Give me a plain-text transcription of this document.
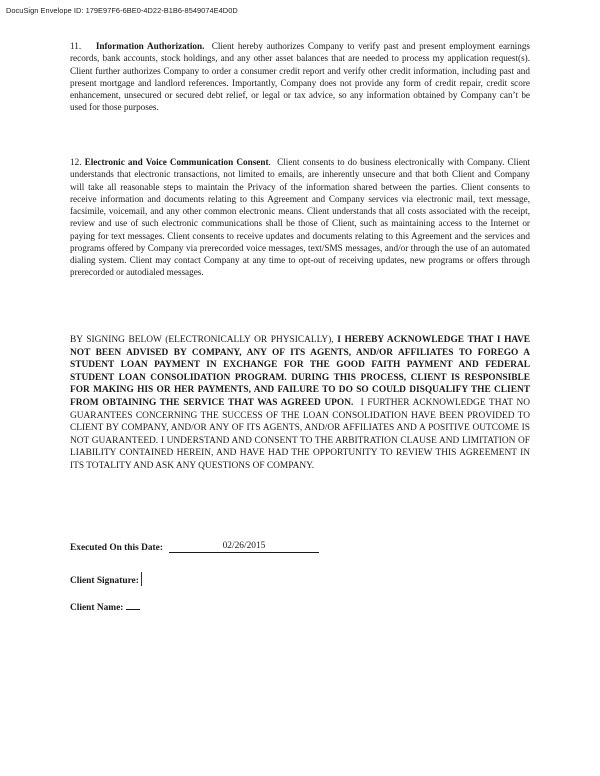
DocuSign Envelope ID: 179E97F6-6BE0-4D22-B1B6-8549074E4D0D

11. Information Authorization. Client hereby authorizes Company to verify past and present employment earnings records, bank accounts, stock holdings, and any other asset balances that are needed to process my application request(s). Client further authorizes Company to order a consumer credit report and verify other credit information, including past and present mortgage and landlord references. Importantly, Company does not provide any form of credit repair, credit score enhancement, unsecured or secured debt relief, or legal or tax advice, so any information obtained by Company can’t be used for those purposes.

12. Electronic and Voice Communication Consent. Client consents to do business electronically with Company. Client understands that electronic transactions, not limited to emails, are inherently unsecure and that both Client and Company will take all reasonable steps to maintain the Privacy of the information shared between the parties. Client consents to receive information and documents relating to this Agreement and Company services via electronic mail, text message, facsimile, voicemail, and any other common electronic means. Client understands that all costs associated with the receipt, review and use of such electronic communications shall be those of Client, such as maintaining access to the Internet or paying for text messages. Client consents to receive updates and documents relating to this Agreement and the services and programs offered by Company via prerecorded voice messages, text/SMS messages, and/or through the use of an automated dialing system. Client may contact Company at any time to opt-out of receiving updates, new programs or offers through prerecorded or autodialed messages.

BY SIGNING BELOW (ELECTRONICALLY OR PHYSICALLY), I HEREBY ACKNOWLEDGE THAT I HAVE NOT BEEN ADVISED BY COMPANY, ANY OF ITS AGENTS, AND/OR AFFILIATES TO FOREGO A STUDENT LOAN PAYMENT IN EXCHANGE FOR THE GOOD FAITH PAYMENT AND FEDERAL STUDENT LOAN CONSOLIDATION PROGRAM. DURING THIS PROCESS, CLIENT IS RESPONSIBLE FOR MAKING HIS OR HER PAYMENTS, AND FAILURE TO DO SO COULD DISQUALIFY THE CLIENT FROM OBTAINING THE SERVICE THAT WAS AGREED UPON. I FURTHER ACKNOWLEDGE THAT NO GUARANTEES CONCERNING THE SUCCESS OF THE LOAN CONSOLIDATION HAVE BEEN PROVIDED TO CLIENT BY COMPANY, AND/OR ANY OF ITS AGENTS, AND/OR AFFILIATES AND A POSITIVE OUTCOME IS NOT GUARANTEED. I UNDERSTAND AND CONSENT TO THE ARBITRATION CLAUSE AND LIMITATION OF LIABILITY CONTAINED HEREIN, AND HAVE HAD THE OPPORTUNITY TO REVIEW THIS AGREEMENT IN ITS TOTALITY AND ASK ANY QUESTIONS OF COMPANY.

Executed On this Date:	02/26/2015
Client Signature:
Client Name:
